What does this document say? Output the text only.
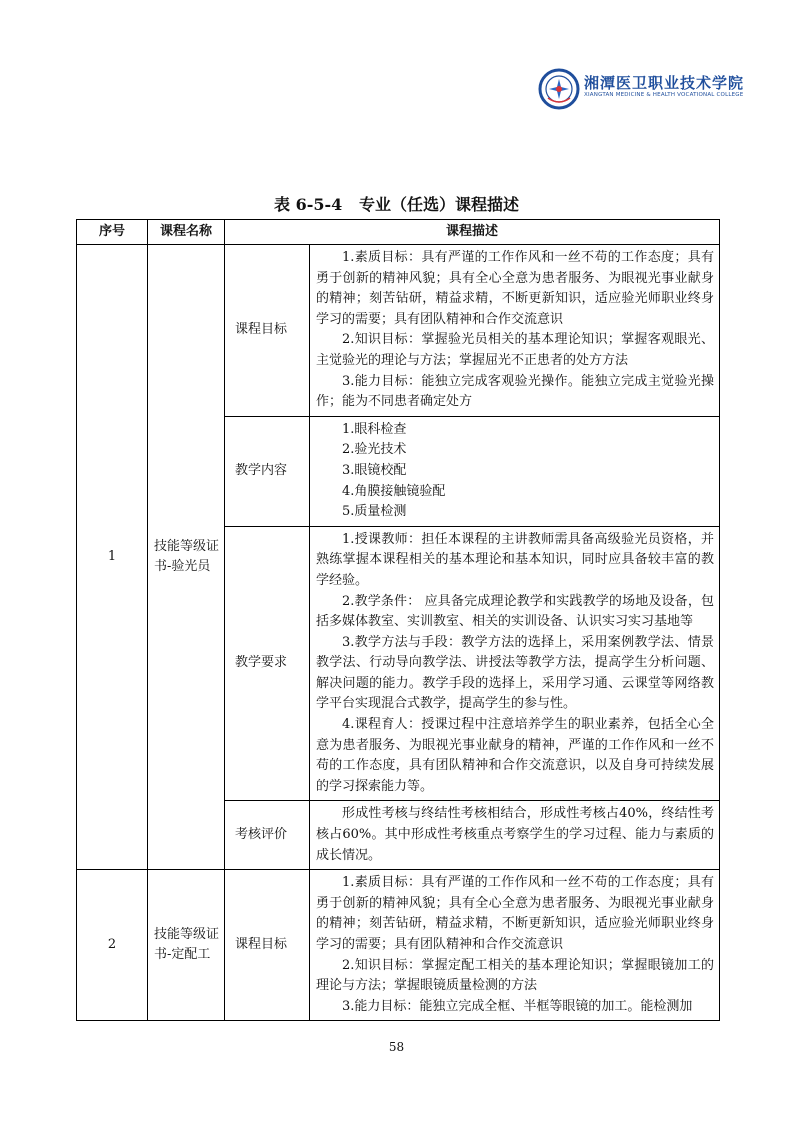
湘潭医卫职业技术学院
XIANGTAN MEDICINE & HEALTH VOCATIONAL COLLEGE
表 6-5-4   专业（任选）课程描述
序号	课程名称	课程描述	
1	技能等级证书-验光员	课程目标	1.素质目标：具有严谨的工作作风和一丝不苟的工作态度；具有勇于创新的精神风貌；具有全心全意为患者服务、为眼视光事业献身的精神；刻苦钻研，精益求精，不断更新知识，适应验光师职业终身学习的需要；具有团队精神和合作交流意识

2.知识目标：掌握验光员相关的基本理论知识；掌握客观眼光、主觉验光的理论与方法；掌握屈光不正患者的处方方法

3.能力目标：能独立完成客观验光操作。能独立完成主觉验光操作；能为不同患者确定处方

		教学内容	1.眼科检查

2.验光技术

3.眼镜校配

4.角膜接触镜验配

5.质量检测

		教学要求	1.授课教师：担任本课程的主讲教师需具备高级验光员资格，并熟练掌握本课程相关的基本理论和基本知识，同时应具备较丰富的教学经验。

2.教学条件： 应具备完成理论教学和实践教学的场地及设备，包括多媒体教室、实训教室、相关的实训设备、认识实习实习基地等

3.教学方法与手段：教学方法的选择上，采用案例教学法、情景教学法、行动导向教学法、讲授法等教学方法，提高学生分析问题、解决问题的能力。教学手段的选择上，采用学习通、云课堂等网络教学平台实现混合式教学，提高学生的参与性。

4.课程育人：授课过程中注意培养学生的职业素养，包括全心全意为患者服务、为眼视光事业献身的精神，严谨的工作作风和一丝不苟的工作态度，具有团队精神和合作交流意识，以及自身可持续发展的学习探索能力等。

		考核评价	形成性考核与终结性考核相结合，形成性考核占40%，终结性考核占60%。其中形成性考核重点考察学生的学习过程、能力与素质的成长情况。

2	技能等级证书-定配工	课程目标	1.素质目标：具有严谨的工作作风和一丝不苟的工作态度；具有勇于创新的精神风貌；具有全心全意为患者服务、为眼视光事业献身的精神；刻苦钻研，精益求精，不断更新知识，适应验光师职业终身学习的需要；具有团队精神和合作交流意识

2.知识目标：掌握定配工相关的基本理论知识；掌握眼镜加工的理论与方法；掌握眼镜质量检测的方法

3.能力目标：能独立完成全框、半框等眼镜的加工。能检测加

58
